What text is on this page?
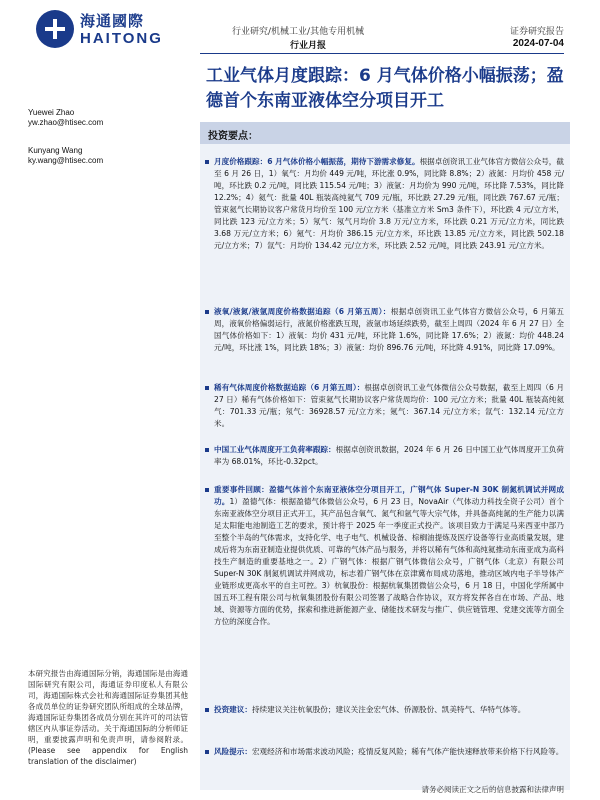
海通國際
HAITONG	行业研究/机械工业/其他专用机械
行业月报
证券研究报告
2024-07-04
工业气体月度跟踪：6 月气体价格小幅振荡；盈德首个东南亚液体空分项目开工
Yuewei Zhao
yw.zhao@htisec.com
Kunyang Wang
ky.wang@htisec.com
投资要点：
月度价格跟踪：6 月气体价格小幅振荡，期待下游需求修复。根据卓创资讯工业气体官方微信公众号，截至 6 月 26 日，1）氧气：月均价 449 元/吨，环比涨 0.9%，同比降 8.8%；2）液氮：月均价 458 元/吨，环比跌 0.2 元/吨，同比跌 115.54 元/吨；3）液氩：月均价为 990 元/吨，环比降 7.53%，同比降 12.2%；4）氦气：批量 40L 瓶装高纯氦气 709 元/瓶，环比跌 27.29 元/瓶，同比跌 767.67 元/瓶；管束氦气长期协议客户常货月均价至 100 元/立方米（基准立方米 Sm3 条件下），环比跌 4 元/立方米，同比跌 123 元/立方米；5）氖气：氖气月均价 3.8 万元/立方米，环比跌 0.21 万元/立方米，同比跌 3.68 万元/立方米；6）氪气：月均价 386.15 元/立方米，环比跌 13.85 元/立方米，同比跌 502.18 元/立方米；7）氙气：月均价 134.42 元/立方米，环比跌 2.52 元/吨，同比跌 243.91 元/立方米。
液氧/液氮/液氩周度价格数据追踪（6 月第五周）：根据卓创资讯工业气体官方微信公众号，6 月第五周，液氧价格偏弱运行，液氮价格涨跌互现，液氩市场延续跌势，截至上周四（2024 年 6 月 27 日）全国气体价格如下：1）液氧：均价 431 元/吨，环比降 1.6%，同比降 17.6%；2）液氮：均价 448.24 元/吨，环比涨 1%，同比跌 18%；3）液氩：均价 896.76 元/吨，环比降 4.91%，同比降 17.09%。
稀有气体周度价格数据追踪（6 月第五周）：根据卓创资讯工业气体微信公众号数据，截至上周四（6 月 27 日）稀有气体价格如下：管束氦气长期协议客户常货周均价：100 元/立方米；批量 40L 瓶装高纯氦气：701.33 元/瓶；氖气：36928.57 元/立方米；氪气：367.14 元/立方米；氙气：132.14 元/立方米。
中国工业气体周度开工负荷率跟踪：根据卓创资讯数据，2024 年 6 月 26 日中国工业气体周度开工负荷率为 68.01%，环比-0.32pct。
重要事件回顾：盈德气体首个东南亚液体空分项目开工，广钢气体 Super-N 30K 制氮机调试并网成功。1）盈德气体：根据盈德气体微信公众号，6 月 23 日，NovaAir（气体动力科技全资子公司）首个东南亚液体空分项目正式开工，其产品包含氧气、氮气和氩气等大宗气体，并具备高纯氮的生产能力以满足太阳能电池制造工艺的要求，预计将于 2025 年一季度正式投产。该项目致力于满足马来西亚中部乃至整个半岛的气体需求，支持化学、电子电气、机械设备、棕榈油提炼及医疗设备等行业高质量发展，建成后将为东南亚制造业提供优质、可靠的气体产品与服务，并将以稀有气体和高纯氦推动东南亚成为高科技生产制造的重要基地之一。2）广钢气体：根据广钢气体微信公众号，广钢气体（北京）有限公司 Super-N 30K 制氮机调试并网成功，标志着广钢气体在京津冀布局成功落地，推动区域内电子半导体产业链形成更高水平的自主可控。3）杭氧股份：根据杭氧集团微信公众号，6 月 18 日，中国化学所属中国五环工程有限公司与杭氧集团股份有限公司签署了战略合作协议，双方将发挥各自在市场、产品、地域、资源等方面的优势，探索和推进新能源产业、储能技术研发与推广、供应链管理、党建交流等方面全方位的深度合作。
投资建议：持续建议关注杭氧股份；建议关注金宏气体、侨源股份、凯美特气、华特气体等。
风险提示：宏观经济和市场需求波动风险；疫情反复风险；稀有气体产能快速释放带来价格下行风险等。
本研究报告由海通国际分销，海通国际是由海通国际研究有限公司，海通证券印度私人有限公司，海通国际株式会社和海通国际证券集团其他各成员单位的证券研究团队所组成的全球品牌，海通国际证券集团各成员分别在其许可的司法管辖区内从事证券活动。关于海通国际的分析师证明，重要披露声明和免责声明，请参阅附录。(Please see appendix for English translation of the disclaimer)
请务必阅读正文之后的信息披露和法律声明
